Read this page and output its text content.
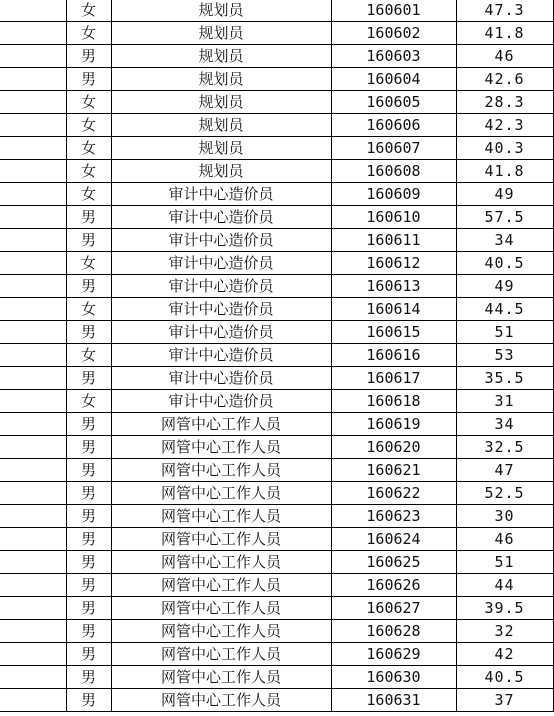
	女	规划员	160601	47.3
	女	规划员	160602	41.8
	男	规划员	160603	46
	男	规划员	160604	42.6
	女	规划员	160605	28.3
	女	规划员	160606	42.3
	女	规划员	160607	40.3
	女	规划员	160608	41.8
	女	审计中心造价员	160609	49
	男	审计中心造价员	160610	57.5
	男	审计中心造价员	160611	34
	女	审计中心造价员	160612	40.5
	男	审计中心造价员	160613	49
	女	审计中心造价员	160614	44.5
	男	审计中心造价员	160615	51
	女	审计中心造价员	160616	53
	男	审计中心造价员	160617	35.5
	女	审计中心造价员	160618	31
	男	网管中心工作人员	160619	34
	男	网管中心工作人员	160620	32.5
	男	网管中心工作人员	160621	47
	男	网管中心工作人员	160622	52.5
	男	网管中心工作人员	160623	30
	男	网管中心工作人员	160624	46
	男	网管中心工作人员	160625	51
	男	网管中心工作人员	160626	44
	男	网管中心工作人员	160627	39.5
	男	网管中心工作人员	160628	32
	男	网管中心工作人员	160629	42
	男	网管中心工作人员	160630	40.5
	男	网管中心工作人员	160631	37
